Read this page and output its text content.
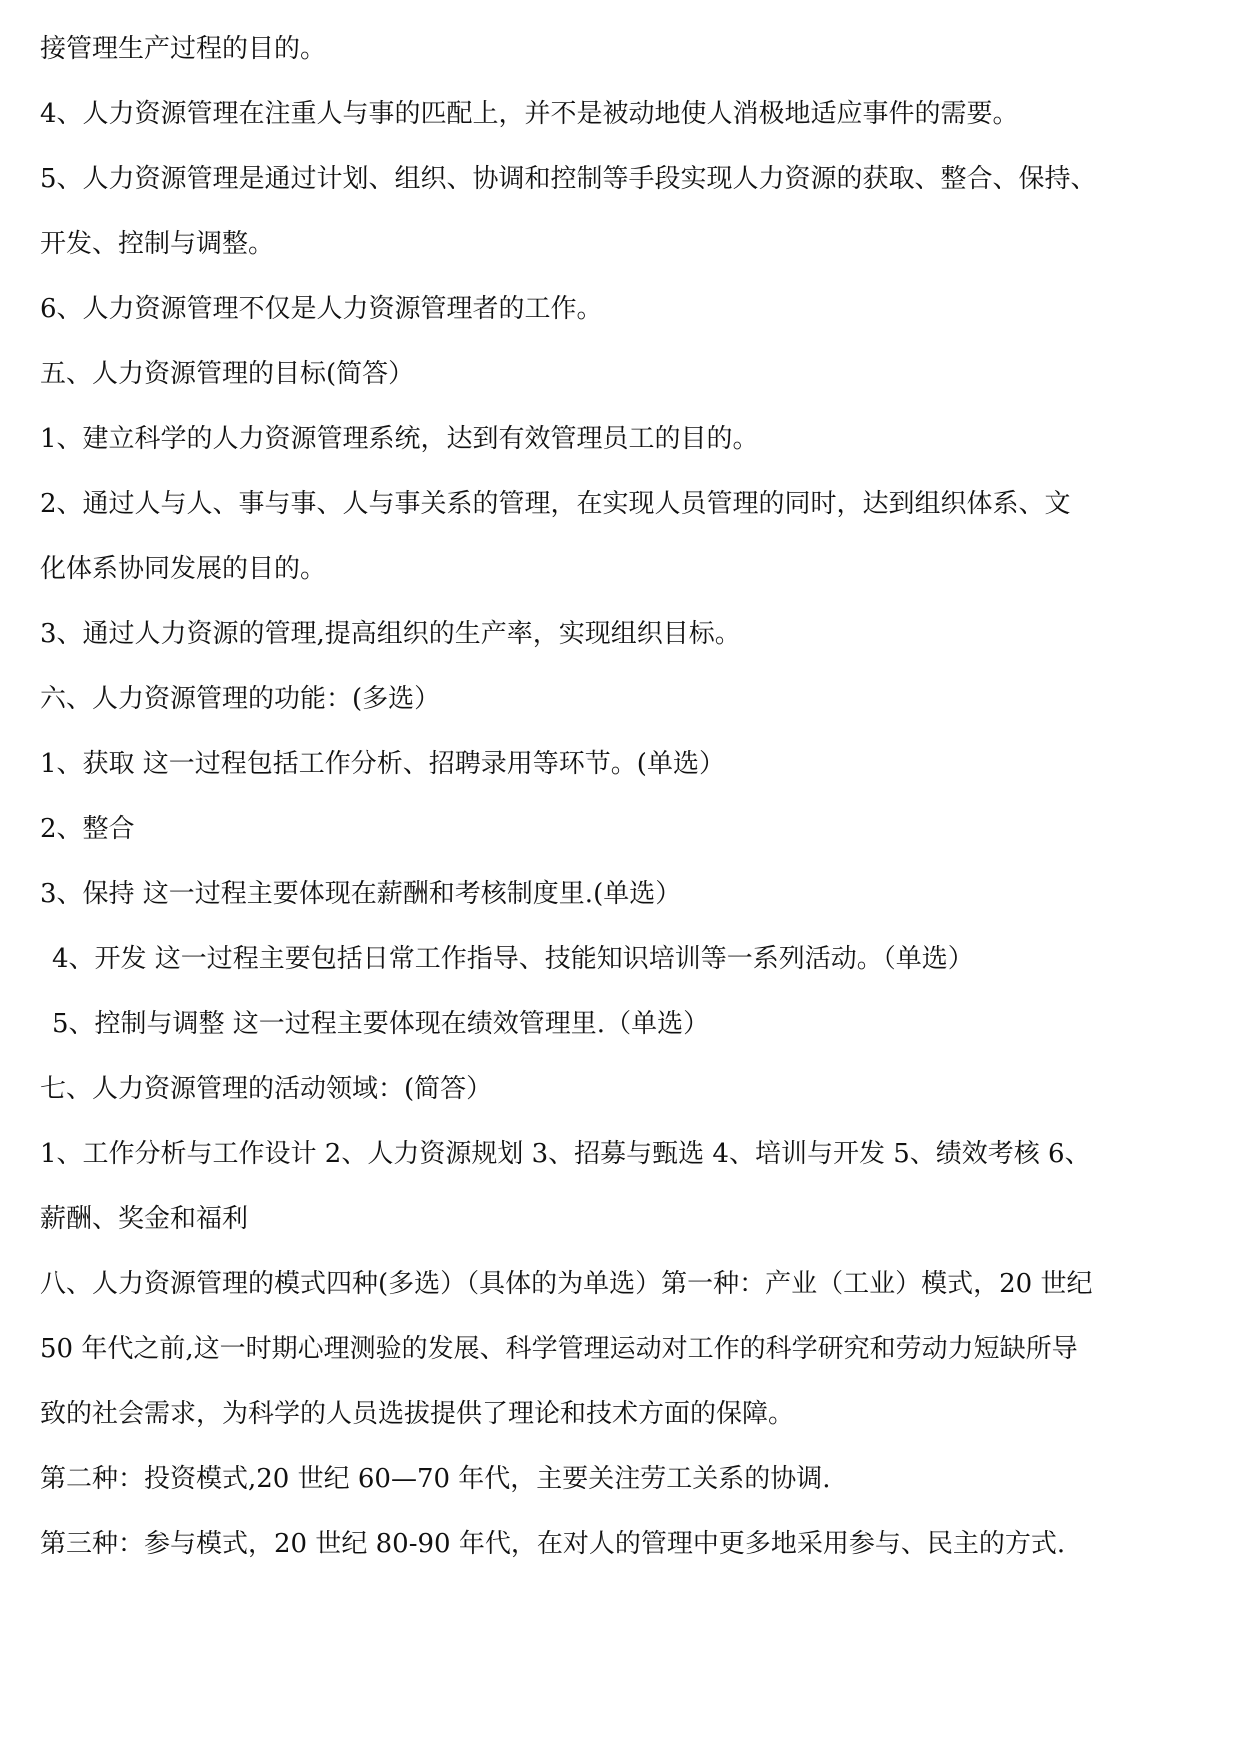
接管理生产过程的目的。
4、人力资源管理在注重人与事的匹配上，并不是被动地使人消极地适应事件的需要。
5、人力资源管理是通过计划、组织、协调和控制等手段实现人力资源的获取、整合、保持、
开发、控制与调整。
6、人力资源管理不仅是人力资源管理者的工作。
五、人力资源管理的目标(简答）
1、建立科学的人力资源管理系统，达到有效管理员工的目的。
2、通过人与人、事与事、人与事关系的管理，在实现人员管理的同时，达到组织体系、文
化体系协同发展的目的。
3、通过人力资源的管理,提高组织的生产率，实现组织目标。
六、人力资源管理的功能：(多选）
1、获取 这一过程包括工作分析、招聘录用等环节。(单选）
2、整合
3、保持 这一过程主要体现在薪酬和考核制度里.(单选）
4、开发 这一过程主要包括日常工作指导、技能知识培训等一系列活动。（单选）
5、控制与调整 这一过程主要体现在绩效管理里.（单选）
七、人力资源管理的活动领域：(简答）
1、工作分析与工作设计 2、人力资源规划 3、招募与甄选 4、培训与开发 5、绩效考核 6、
薪酬、奖金和福利
八、人力资源管理的模式四种(多选）（具体的为单选）第一种：产业（工业）模式，20 世纪
50 年代之前,这一时期心理测验的发展、科学管理运动对工作的科学研究和劳动力短缺所导
致的社会需求，为科学的人员选拔提供了理论和技术方面的保障。
第二种：投资模式,20 世纪 60—70 年代，主要关注劳工关系的协调.
第三种：参与模式，20 世纪 80-90 年代，在对人的管理中更多地采用参与、民主的方式.
